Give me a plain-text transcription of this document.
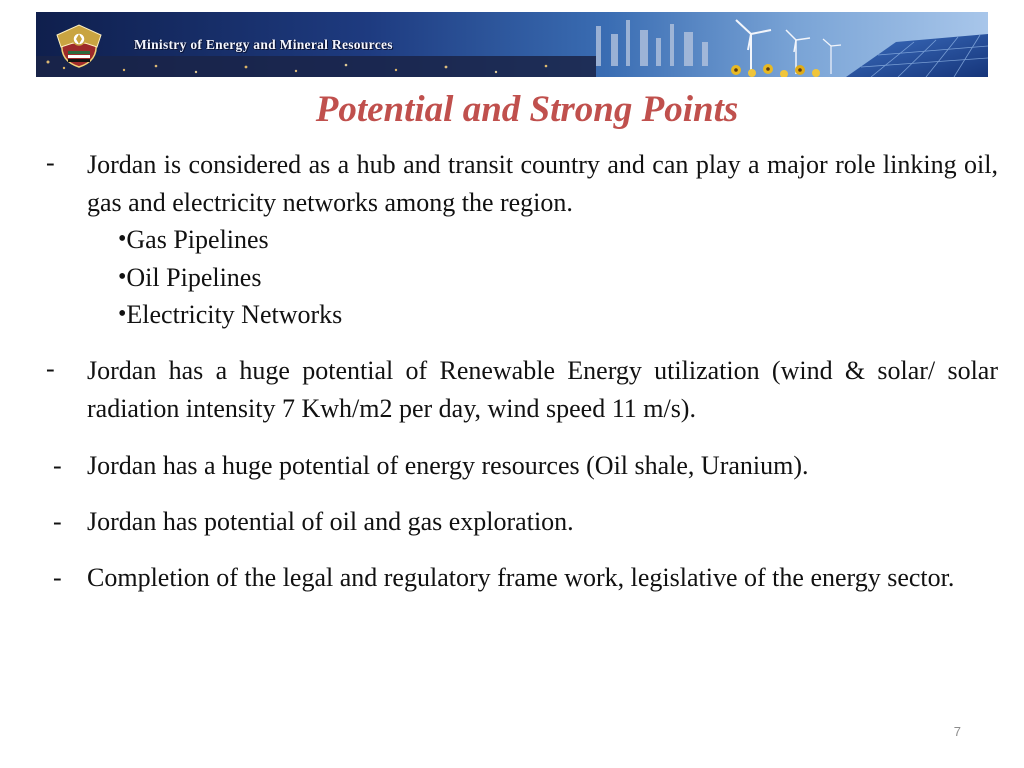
Ministry of Energy and Mineral Resources
Potential and Strong Points
- Jordan is considered as a hub and transit country and can play a major role linking oil, gas and electricity networks among the region.
•Gas Pipelines
•Oil Pipelines
•Electricity Networks
- Jordan has a huge potential of Renewable Energy utilization (wind & solar/ solar radiation intensity 7 Kwh/m2 per day, wind speed 11 m/s).
- Jordan has a huge potential of energy resources (Oil shale, Uranium).
- Jordan has potential of oil and gas exploration.
- Completion of the legal and regulatory frame work, legislative of the energy sector.
7
